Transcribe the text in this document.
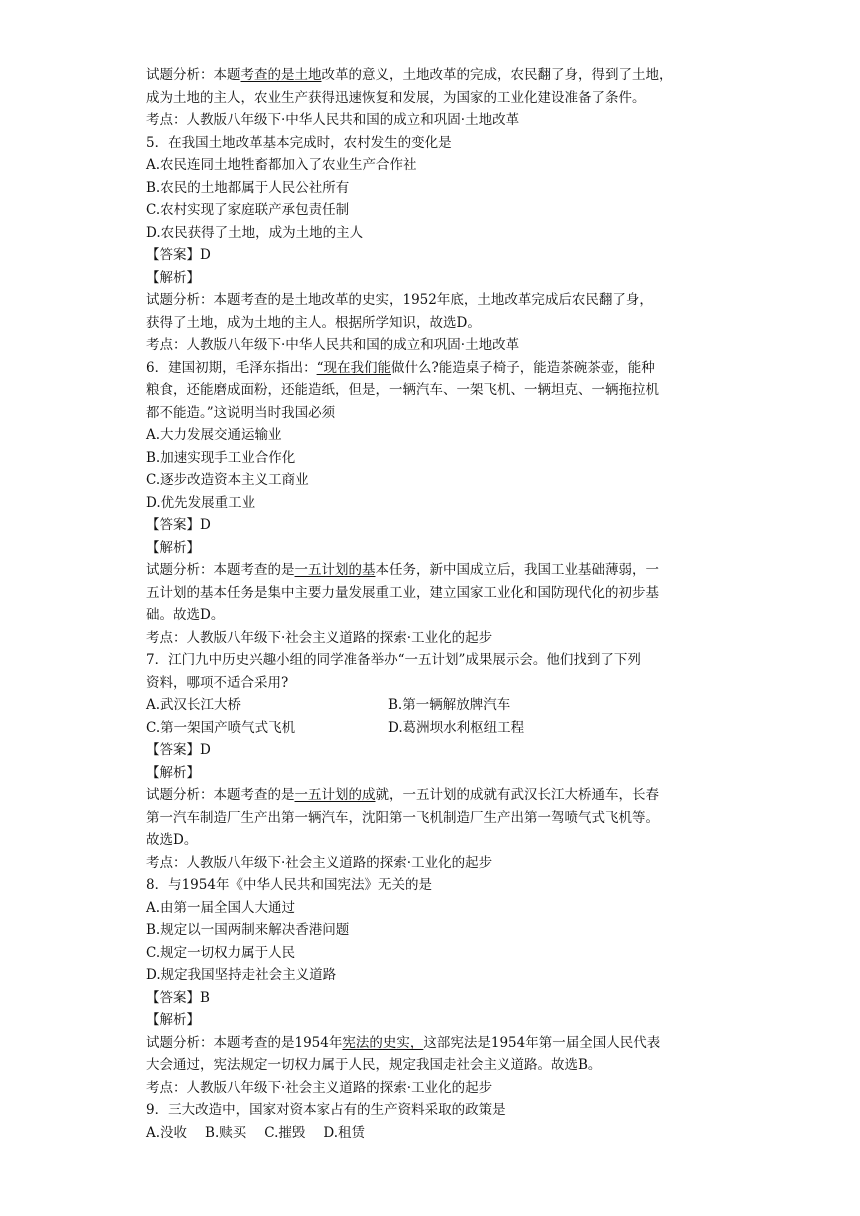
试题分析：本题考查的是土地改革的意义，土地改革的完成，农民翻了身，得到了土地，
成为土地的主人，农业生产获得迅速恢复和发展，为国家的工业化建设准备了条件。
考点：人教版八年级下·中华人民共和国的成立和巩固·土地改革
5．在我国土地改革基本完成时，农村发生的变化是
A.农民连同土地牲畜都加入了农业生产合作社
B.农民的土地都属于人民公社所有
C.农村实现了家庭联产承包责任制
D.农民获得了土地，成为土地的主人
【答案】D
【解析】
试题分析：本题考查的是土地改革的史实，1952年底，土地改革完成后农民翻了身，
获得了土地，成为土地的主人。根据所学知识，故选D。
考点：人教版八年级下·中华人民共和国的成立和巩固·土地改革
6．建国初期，毛泽东指出：“现在我们能做什么?能造桌子椅子，能造茶碗茶壶，能种
粮食，还能磨成面粉，还能造纸，但是，一辆汽车、一架飞机、一辆坦克、一辆拖拉机
都不能造。”这说明当时我国必须
A.大力发展交通运输业
B.加速实现手工业合作化
C.逐步改造资本主义工商业
D.优先发展重工业
【答案】D
【解析】
试题分析：本题考查的是一五计划的基本任务，新中国成立后，我国工业基础薄弱，一
五计划的基本任务是集中主要力量发展重工业，建立国家工业化和国防现代化的初步基
础。故选D。
考点：人教版八年级下·社会主义道路的探索·工业化的起步
7．江门九中历史兴趣小组的同学准备举办“一五计划”成果展示会。他们找到了下列
资料，哪项不适合采用?
A.武汉长江大桥	B.第一辆解放牌汽车
C.第一架国产喷气式飞机	D.葛洲坝水利枢纽工程
【答案】D
【解析】
试题分析：本题考查的是一五计划的成就，一五计划的成就有武汉长江大桥通车，长春
第一汽车制造厂生产出第一辆汽车，沈阳第一飞机制造厂生产出第一驾喷气式飞机等。
故选D。
考点：人教版八年级下·社会主义道路的探索·工业化的起步
8．与1954年《中华人民共和国宪法》无关的是
A.由第一届全国人大通过
B.规定以一国两制来解决香港问题
C.规定一切权力属于人民
D.规定我国坚持走社会主义道路
【答案】B
【解析】
试题分析：本题考查的是1954年宪法的史实，这部宪法是1954年第一届全国人民代表
大会通过，宪法规定一切权力属于人民，规定我国走社会主义道路。故选B。
考点：人教版八年级下·社会主义道路的探索·工业化的起步
9．三大改造中，国家对资本家占有的生产资料采取的政策是
A.没收 B.赎买 C.摧毁 D.租赁
